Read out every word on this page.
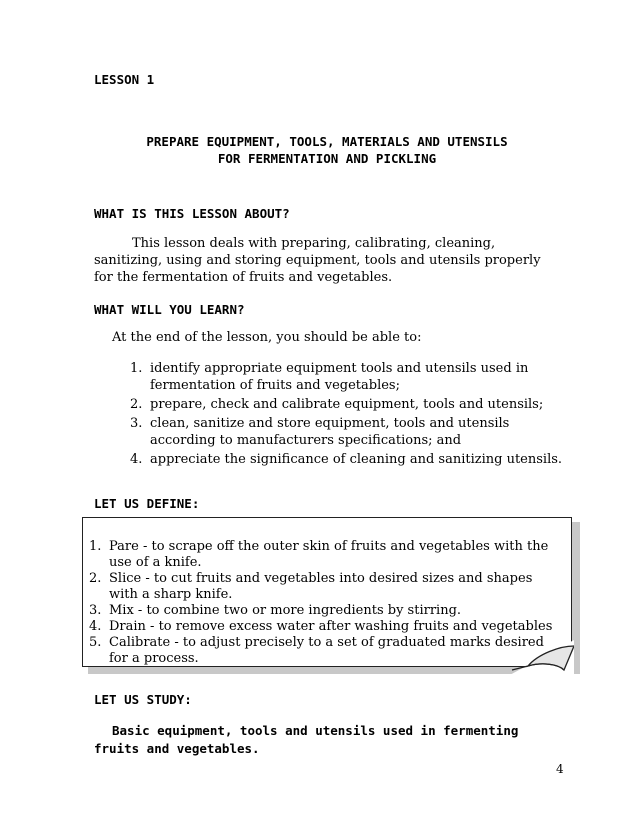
LESSON 1
PREPARE EQUIPMENT, TOOLS, MATERIALS AND UTENSILS
FOR FERMENTATION AND PICKLING
WHAT IS THIS LESSON ABOUT?
This lesson deals with preparing, calibrating, cleaning, sanitizing, using and storing equipment, tools and utensils properly for the fermentation of fruits and vegetables.
WHAT WILL YOU LEARN?
At the end of the lesson, you should be able to:
1. identify appropriate equipment tools and utensils used in fermentation of fruits and vegetables;
2. prepare, check and calibrate equipment, tools and utensils;
3. clean, sanitize and store equipment, tools and utensils according to manufacturers specifications; and
4. appreciate the significance of cleaning and sanitizing utensils.
LET US DEFINE:
1. Pare - to scrape off the outer skin of fruits and vegetables with the use of a knife.
2. Slice - to cut fruits and vegetables into desired sizes and shapes with a sharp knife.
3. Mix - to combine two or more ingredients by stirring.
4. Drain - to remove excess water after washing fruits and vegetables
5. Calibrate - to adjust precisely to a set of graduated marks desired for a process.
LET US STUDY:
Basic equipment, tools and utensils used in fermenting fruits and vegetables.
4
